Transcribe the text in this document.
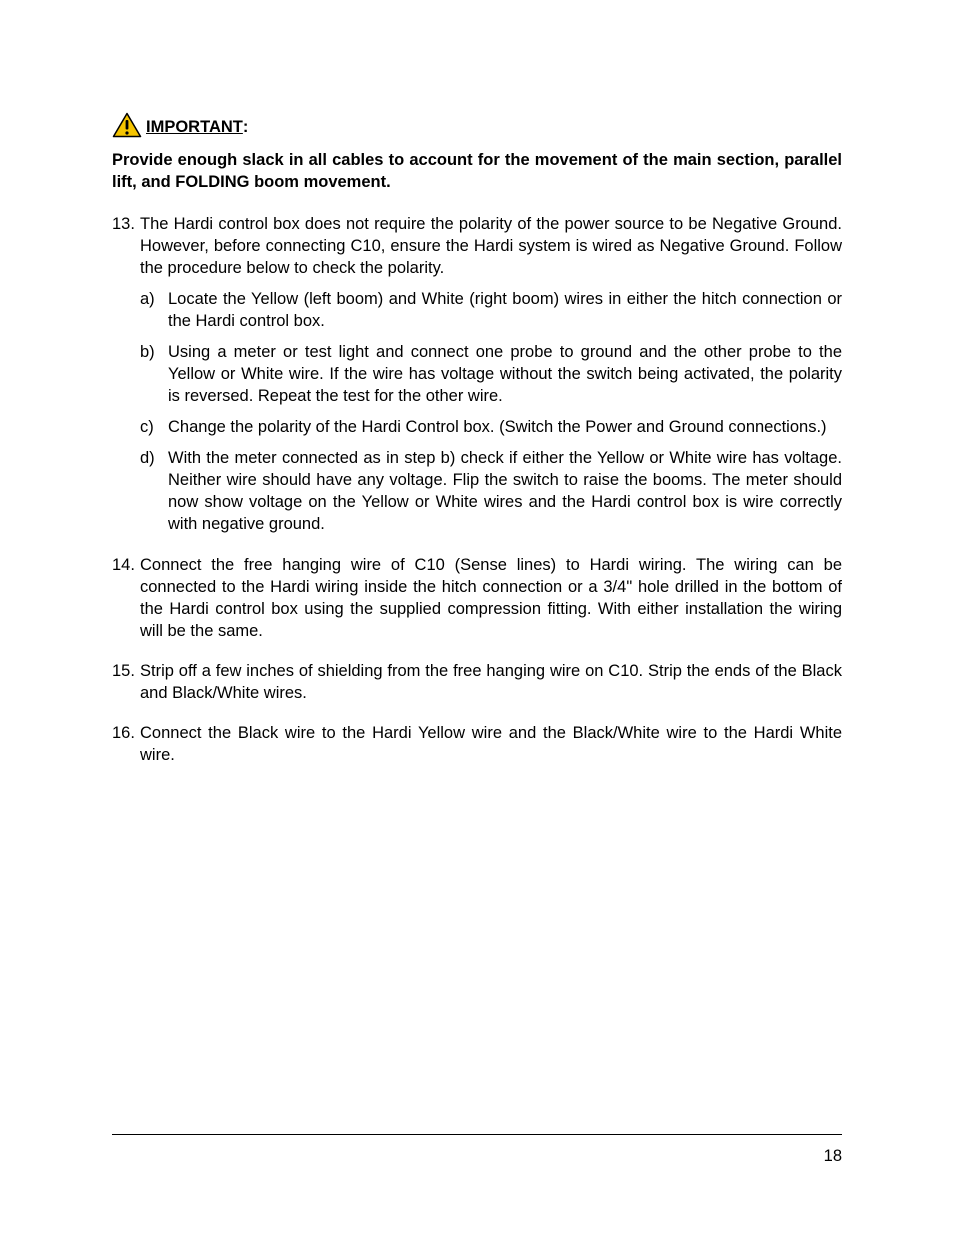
IMPORTANT :
Provide enough slack in all cables to account for the movement of the main section, parallel lift, and FOLDING boom movement.
13. The Hardi control box does not require the polarity of the power source to be Negative Ground. However, before connecting C10, ensure the Hardi system is wired as Negative Ground. Follow the procedure below to check the polarity.
a) Locate the Yellow (left boom) and White (right boom) wires in either the hitch connection or the Hardi control box.
b) Using a meter or test light and connect one probe to ground and the other probe to the Yellow or White wire. If the wire has voltage without the switch being activated, the polarity is reversed. Repeat the test for the other wire.
c) Change the polarity of the Hardi Control box. (Switch the Power and Ground connections.)
d) With the meter connected as in step b) check if either the Yellow or White wire has voltage. Neither wire should have any voltage. Flip the switch to raise the booms. The meter should now show voltage on the Yellow or White wires and the Hardi control box is wire correctly with negative ground.
14. Connect the free hanging wire of C10 (Sense lines) to Hardi wiring. The wiring can be connected to the Hardi wiring inside the hitch connection or a 3/4" hole drilled in the bottom of the Hardi control box using the supplied compression fitting. With either installation the wiring will be the same.
15. Strip off a few inches of shielding from the free hanging wire on C10. Strip the ends of the Black and Black/White wires.
16. Connect the Black wire to the Hardi Yellow wire and the Black/White wire to the Hardi White wire.
18
